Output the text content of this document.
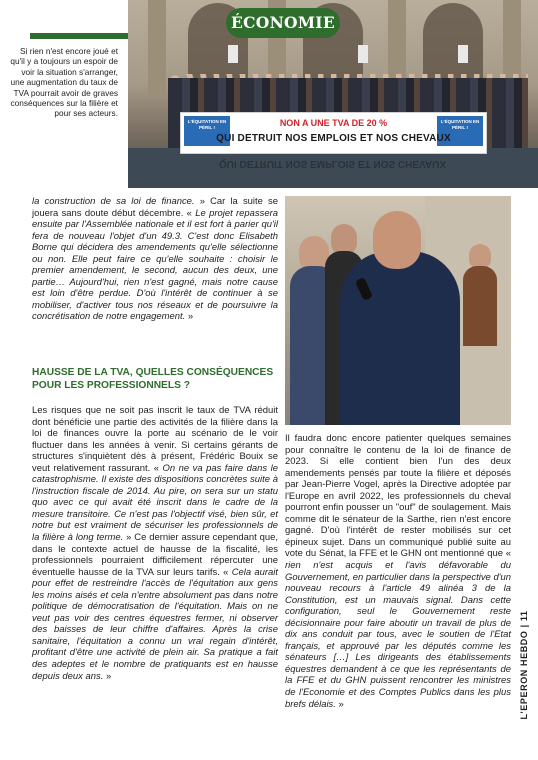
Si rien n'est encore joué et qu'il y a toujours un espoir de voir la situation s'arranger, une augmentation du taux de TVA pourrait avoir de graves conséquences sur la filière et pour ses acteurs.
L'ÉQUITATION EN PÉRIL !
L'ÉQUITATION EN PÉRIL !
NON A UNE TVA DE 20 %
QUI DETRUIT NOS EMPLOIS ET NOS CHEVAUX
QUI DETRUIT NOS EMPLOIS ET NOS CHEVAUX
ÉCONOMIE
la construction de sa loi de finance. » Car la suite se jouera sans doute début décembre. « Le projet repassera ensuite par l'Assemblée nationale et il est fort à parier qu'il fera de nouveau l'objet d'un 49.3. C'est donc Elisabeth Borne qui décidera des amendements qu'elle sélectionne ou non. Elle peut faire ce qu'elle souhaite : choisir le premier amendement, le second, aucun des deux, une partie… Aujourd'hui, rien n'est gagné, mais notre cause est loin d'être perdue. D'où l'intérêt de continuer à se mobiliser, d'activer tous nos réseaux et de poursuivre la concrétisation de notre engagement. »
HAUSSE DE LA TVA, QUELLES CONSÉQUENCES POUR LES PROFESSIONNELS ?
Les risques que ne soit pas inscrit le taux de TVA réduit dont bénéficie une partie des activités de la filière dans la loi de finances ouvre la porte au scénario de le voir fluctuer dans les années à venir. Si certains gérants de structures s'inquiètent dès à présent, Frédéric Bouix se veut relativement rassurant. « On ne va pas faire dans le catastrophisme. Il existe des dispositions concrètes suite à l'instruction fiscale de 2014. Au pire, on sera sur un statu quo avec ce qui avait été inscrit dans le cadre de la mesure transitoire. Ce n'est pas l'objectif visé, bien sûr, et notre but est vraiment de sécuriser les professionnels de la filière à long terme. » Ce dernier assure cependant que, dans le contexte actuel de hausse de la fiscalité, les professionnels pourraient difficilement répercuter une éventuelle hausse de la TVA sur leurs tarifs. « Cela aurait pour effet de restreindre l'accès de l'équitation aux gens les moins aisés et cela n'entre absolument pas dans notre politique de démocratisation de l'équitation. Mais on ne veut pas voir des centres équestres fermer, ni observer des baisses de leur chiffre d'affaires. Après la crise sanitaire, l'équitation a connu un vrai regain d'intérêt, profitant d'être une activité de plein air. Sa pratique a fait des adeptes et le nombre de pratiquants est en hausse depuis deux ans. »
Il faudra donc encore patienter quelques semaines pour connaître le contenu de la loi de finance de 2023. Si elle contient bien l'un des deux amendements pensés par toute la filière et déposés par Jean-Pierre Vogel, après la Directive adoptée par l'Europe en avril 2022, les professionnels du cheval pourront enfin pousser un "ouf" de soulagement. Mais comme dit le sénateur de la Sarthe, rien n'est encore gagné. D'où l'intérêt de rester mobilisés sur cet épineux sujet. Dans un communiqué publié suite au vote du Sénat, la FFE et le GHN ont mentionné que « rien n'est acquis et l'avis défavorable du Gouvernement, en particulier dans la perspective d'un nouveau recours à l'article 49 alinéa 3 de la Constitution, est un mauvais signal. Dans cette configuration, seul le Gouvernement reste décisionnaire pour faire aboutir un travail de plus de dix ans conduit par tous, avec le soutien de l'Etat français, et approuvé par les députés comme les sénateurs […] Les dirigeants des établissements équestres demandent à ce que les représentants de la FFE et du GHN puissent rencontrer les ministres de l'Economie et des Comptes Publics dans les plus brefs délais. »	L'EPERON HEBDO | 11
